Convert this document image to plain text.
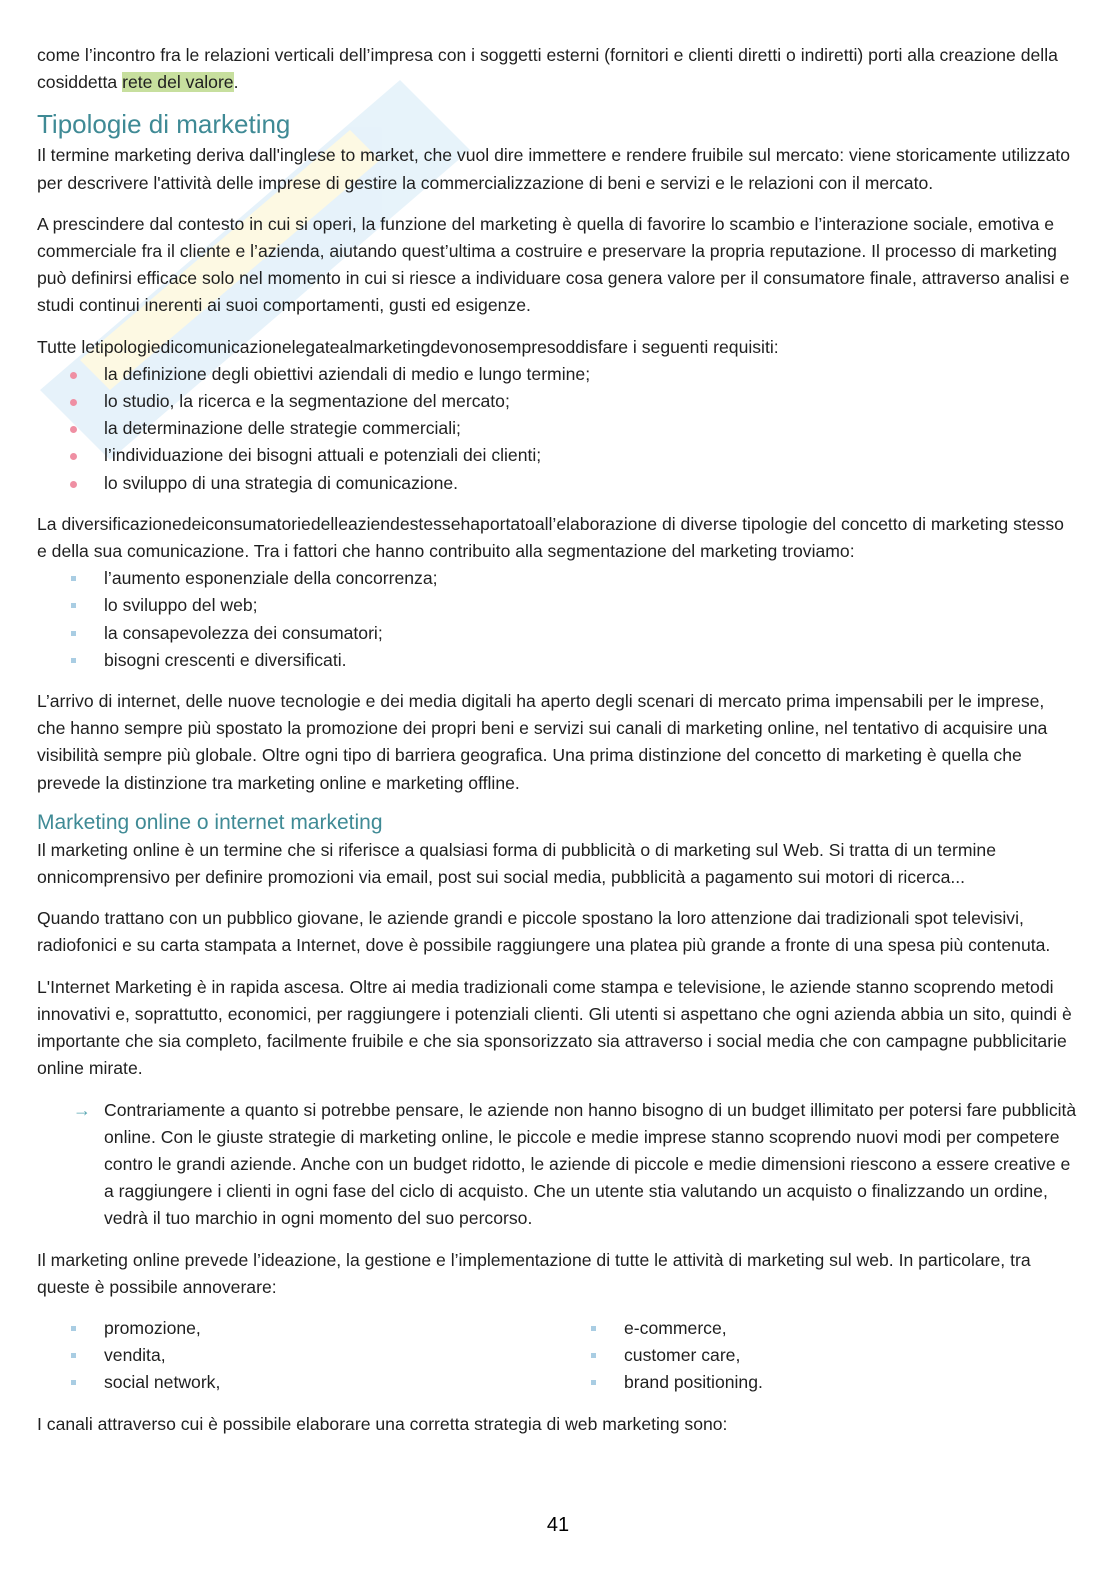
come l’incontro fra le relazioni verticali dell’impresa con i soggetti esterni (fornitori e clienti diretti o indiretti) porti alla creazione della cosiddetta rete del valore.

Tipologie di marketing

Il termine marketing deriva dall'inglese to market, che vuol dire immettere e rendere fruibile sul mercato: viene storicamente utilizzato per descrivere l'attività delle imprese di gestire la commercializzazione di beni e servizi e le relazioni con il mercato.

A prescindere dal contesto in cui si operi, la funzione del marketing è quella di favorire lo scambio e l’interazione sociale, emotiva e commerciale fra il cliente e l’azienda, aiutando quest’ultima a costruire e preservare la propria reputazione. Il processo di marketing può definirsi efficace solo nel momento in cui si riesce a individuare cosa genera valore per il consumatore finale, attraverso analisi e studi continui inerenti ai suoi comportamenti, gusti ed esigenze.

Tutte letipologiedicomunicazionelegatealmarketingdevonosempresoddisfare i seguenti requisiti:

la definizione degli obiettivi aziendali di medio e lungo termine;
lo studio, la ricerca e la segmentazione del mercato;
la determinazione delle strategie commerciali;
l’individuazione dei bisogni attuali e potenziali dei clienti;
lo sviluppo di una strategia di comunicazione.

La diversificazionedeiconsumatoriedelleaziendestessehaportatoall’elaborazione di diverse tipologie del concetto di marketing stesso e della sua comunicazione. Tra i fattori che hanno contribuito alla segmentazione del marketing troviamo:

l’aumento esponenziale della concorrenza;
lo sviluppo del web;
la consapevolezza dei consumatori;
bisogni crescenti e diversificati.

L’arrivo di internet, delle nuove tecnologie e dei media digitali ha aperto degli scenari di mercato prima impensabili per le imprese, che hanno sempre più spostato la promozione dei propri beni e servizi sui canali di marketing online, nel tentativo di acquisire una visibilità sempre più globale. Oltre ogni tipo di barriera geografica. Una prima distinzione del concetto di marketing è quella che prevede la distinzione tra marketing online e marketing offline.

Marketing online o internet marketing

Il marketing online è un termine che si riferisce a qualsiasi forma di pubblicità o di marketing sul Web. Si tratta di un termine onnicomprensivo per definire promozioni via email, post sui social media, pubblicità a pagamento sui motori di ricerca...

Quando trattano con un pubblico giovane, le aziende grandi e piccole spostano la loro attenzione dai tradizionali spot televisivi, radiofonici e su carta stampata a Internet, dove è possibile raggiungere una platea più grande a fronte di una spesa più contenuta.

L'Internet Marketing è in rapida ascesa. Oltre ai media tradizionali come stampa e televisione, le aziende stanno scoprendo metodi innovativi e, soprattutto, economici, per raggiungere i potenziali clienti. Gli utenti si aspettano che ogni azienda abbia un sito, quindi è importante che sia completo, facilmente fruibile e che sia sponsorizzato sia attraverso i social media che con campagne pubblicitarie online mirate.

→ Contrariamente a quanto si potrebbe pensare, le aziende non hanno bisogno di un budget illimitato per potersi fare pubblicità online. Con le giuste strategie di marketing online, le piccole e medie imprese stanno scoprendo nuovi modi per competere contro le grandi aziende. Anche con un budget ridotto, le aziende di piccole e medie dimensioni riescono a essere creative e a raggiungere i clienti in ogni fase del ciclo di acquisto. Che un utente stia valutando un acquisto o finalizzando un ordine, vedrà il tuo marchio in ogni momento del suo percorso.

Il marketing online prevede l’ideazione, la gestione e l’implementazione di tutte le attività di marketing sul web. In particolare, tra queste è possibile annoverare:

promozione,
vendita,
social network,
e-commerce,
customer care,
brand positioning.

I canali attraverso cui è possibile elaborare una corretta strategia di web marketing sono:

41
